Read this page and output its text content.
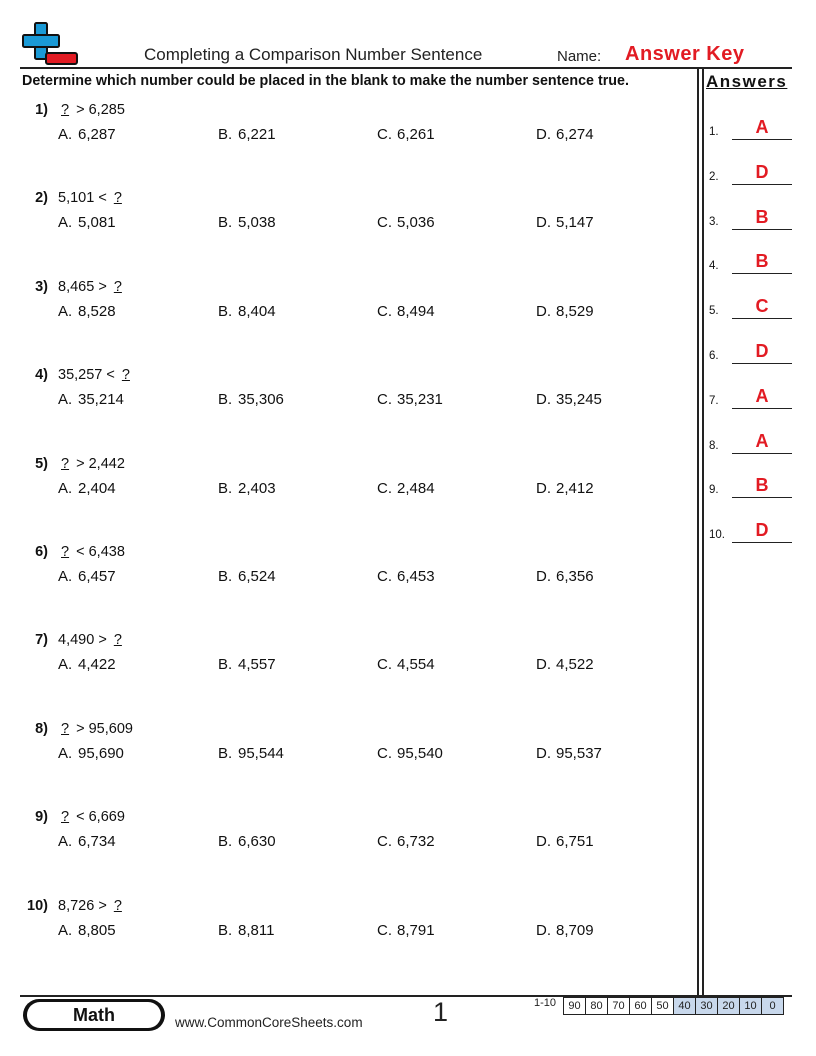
Completing a Comparison Number Sentence	Name: Answer Key
Determine which number could be placed in the blank to make the number sentence true.
1) ? > 6,285
A. 6,287	B. 6,221	C. 6,261	D. 6,274
2) 5,101 < ?
A. 5,081	B. 5,038	C. 5,036	D. 5,147
3) 8,465 > ?
A. 8,528	B. 8,404	C. 8,494	D. 8,529
4) 35,257 < ?
A. 35,214	B. 35,306	C. 35,231	D. 35,245
5) ? > 2,442
A. 2,404	B. 2,403	C. 2,484	D. 2,412
6) ? < 6,438
A. 6,457	B. 6,524	C. 6,453	D. 6,356
7) 4,490 > ?
A. 4,422	B. 4,557	C. 4,554	D. 4,522
8) ? > 95,609
A. 95,690	B. 95,544	C. 95,540	D. 95,537
9) ? < 6,669
A. 6,734	B. 6,630	C. 6,732	D. 6,751
10) 8,726 > ?
A. 8,805	B. 8,811	C. 8,791	D. 8,709
Answers
1.	A
2.	D
3.	B
4.	B
5.	C
6.	D
7.	A
8.	A
9.	B
10.	D
Math	www.CommonCoreSheets.com	1	1-10	90 80 70 60 50 40 30 20 10	0
